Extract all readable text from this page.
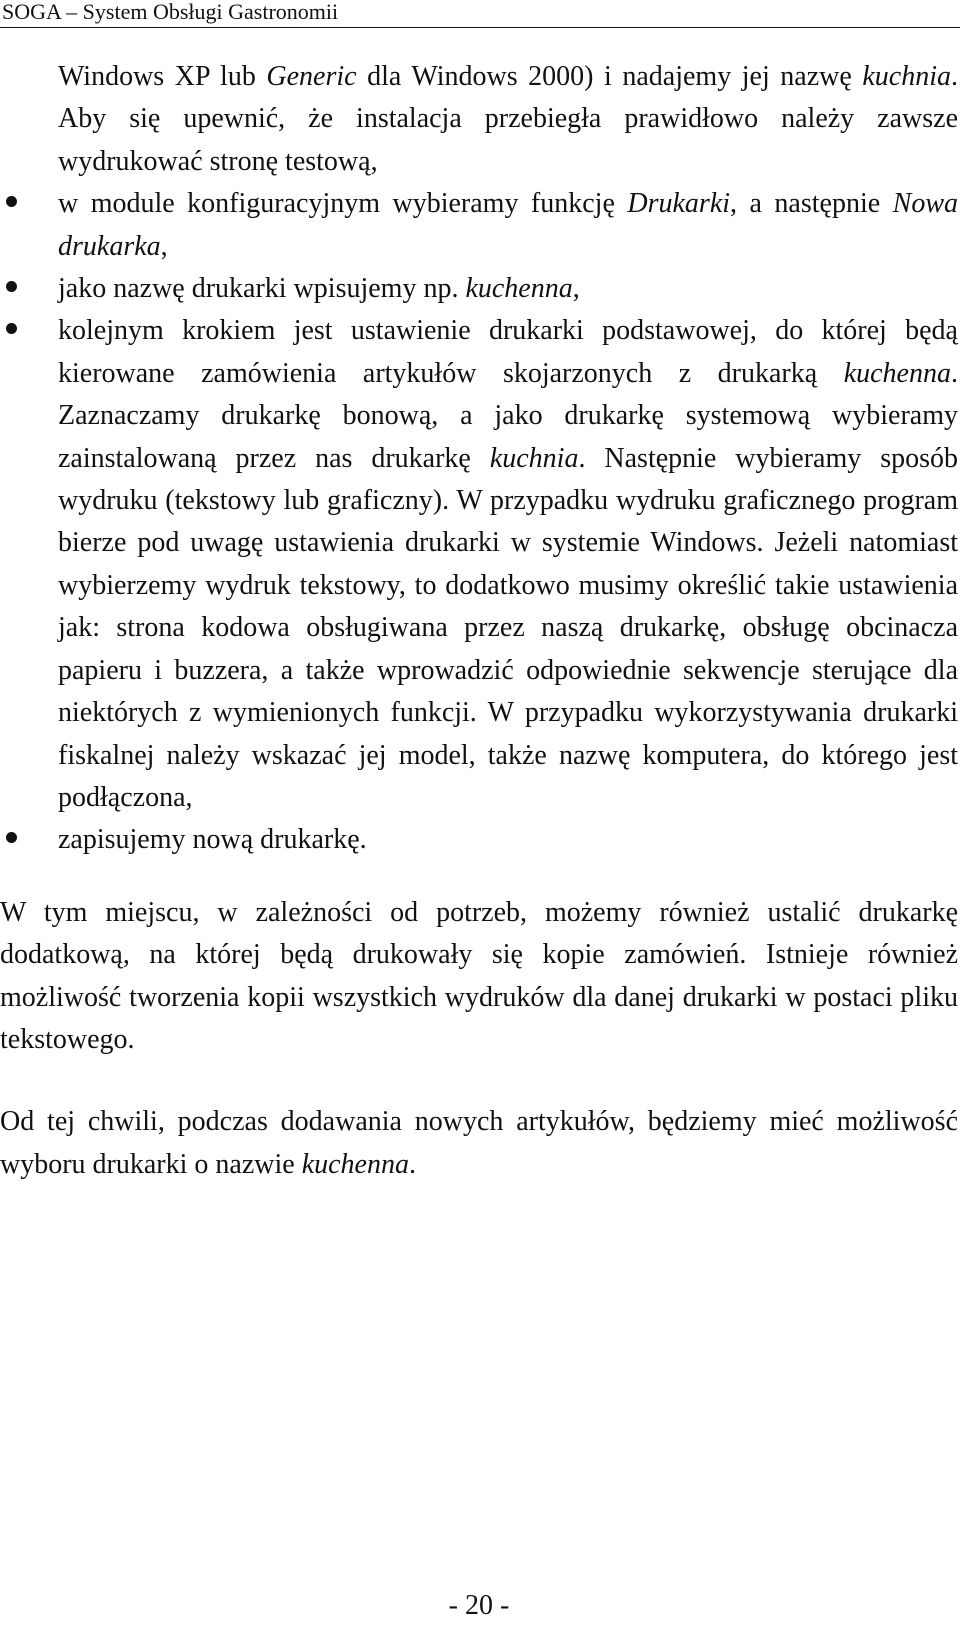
SOGA – System Obsługi Gastronomii
Windows XP lub Generic dla Windows 2000) i nadajemy jej nazwę kuchnia. Aby się upewnić, że instalacja przebiegła prawidłowo należy zawsze wydrukować stronę testową,
w module konfiguracyjnym wybieramy funkcję Drukarki, a następnie Nowa drukarka,
jako nazwę drukarki wpisujemy np. kuchenna,
kolejnym krokiem jest ustawienie drukarki podstawowej, do której będą kierowane zamówienia artykułów skojarzonych z drukarką kuchenna. Zaznaczamy drukarkę bonową, a jako drukarkę systemową wybieramy zainstalowaną przez nas drukarkę kuchnia. Następnie wybieramy sposób wydruku (tekstowy lub graficzny). W przypadku wydruku graficznego program bierze pod uwagę ustawienia drukarki w systemie Windows. Jeżeli natomiast wybierzemy wydruk tekstowy, to dodatkowo musimy określić takie ustawienia jak: strona kodowa obsługiwana przez naszą drukarkę, obsługę obcinacza papieru i buzzera, a także wprowadzić odpowiednie sekwencje sterujące dla niektórych z wymienionych funkcji. W przypadku wykorzystywania drukarki fiskalnej należy wskazać jej model, także nazwę komputera, do którego jest podłączona,
zapisujemy nową drukarkę.

W tym miejscu, w zależności od potrzeb, możemy również ustalić drukarkę dodatkową, na której będą drukowały się kopie zamówień. Istnieje również możliwość tworzenia kopii wszystkich wydruków dla danej drukarki w postaci pliku tekstowego.

Od tej chwili, podczas dodawania nowych artykułów, będziemy mieć możliwość wyboru drukarki o nazwie kuchenna.

- 20 -
